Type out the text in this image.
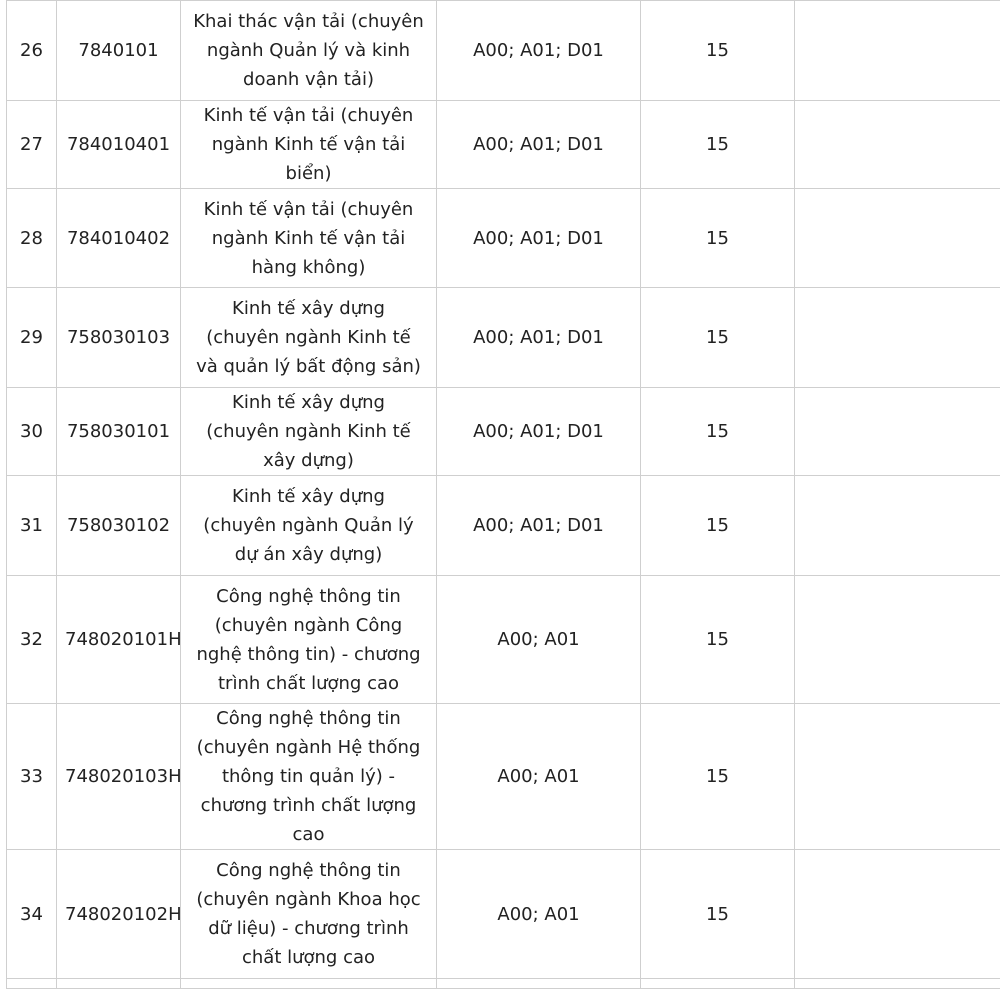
26	7840101	Khai thác vận tải (chuyên ngành Quản lý và kinh doanh vận tải)	A00; A01; D01	15	
27	784010401	Kinh tế vận tải (chuyên ngành Kinh tế vận tải biển)	A00; A01; D01	15	
28	784010402	Kinh tế vận tải (chuyên ngành Kinh tế vận tải hàng không)	A00; A01; D01	15	
29	758030103	Kinh tế xây dựng (chuyên ngành Kinh tế và quản lý bất động sản)	A00; A01; D01	15	
30	758030101	Kinh tế xây dựng (chuyên ngành Kinh tế xây dựng)	A00; A01; D01	15	
31	758030102	Kinh tế xây dựng (chuyên ngành Quản lý dự án xây dựng)	A00; A01; D01	15	
32	748020101H	Công nghệ thông tin (chuyên ngành Công nghệ thông tin) - chương trình chất lượng cao	A00; A01	15	
33	748020103H	Công nghệ thông tin (chuyên ngành Hệ thống thông tin quản lý) - chương trình chất lượng cao	A00; A01	15	
34	748020102H	Công nghệ thông tin (chuyên ngành Khoa học dữ liệu) - chương trình chất lượng cao	A00; A01	15	
